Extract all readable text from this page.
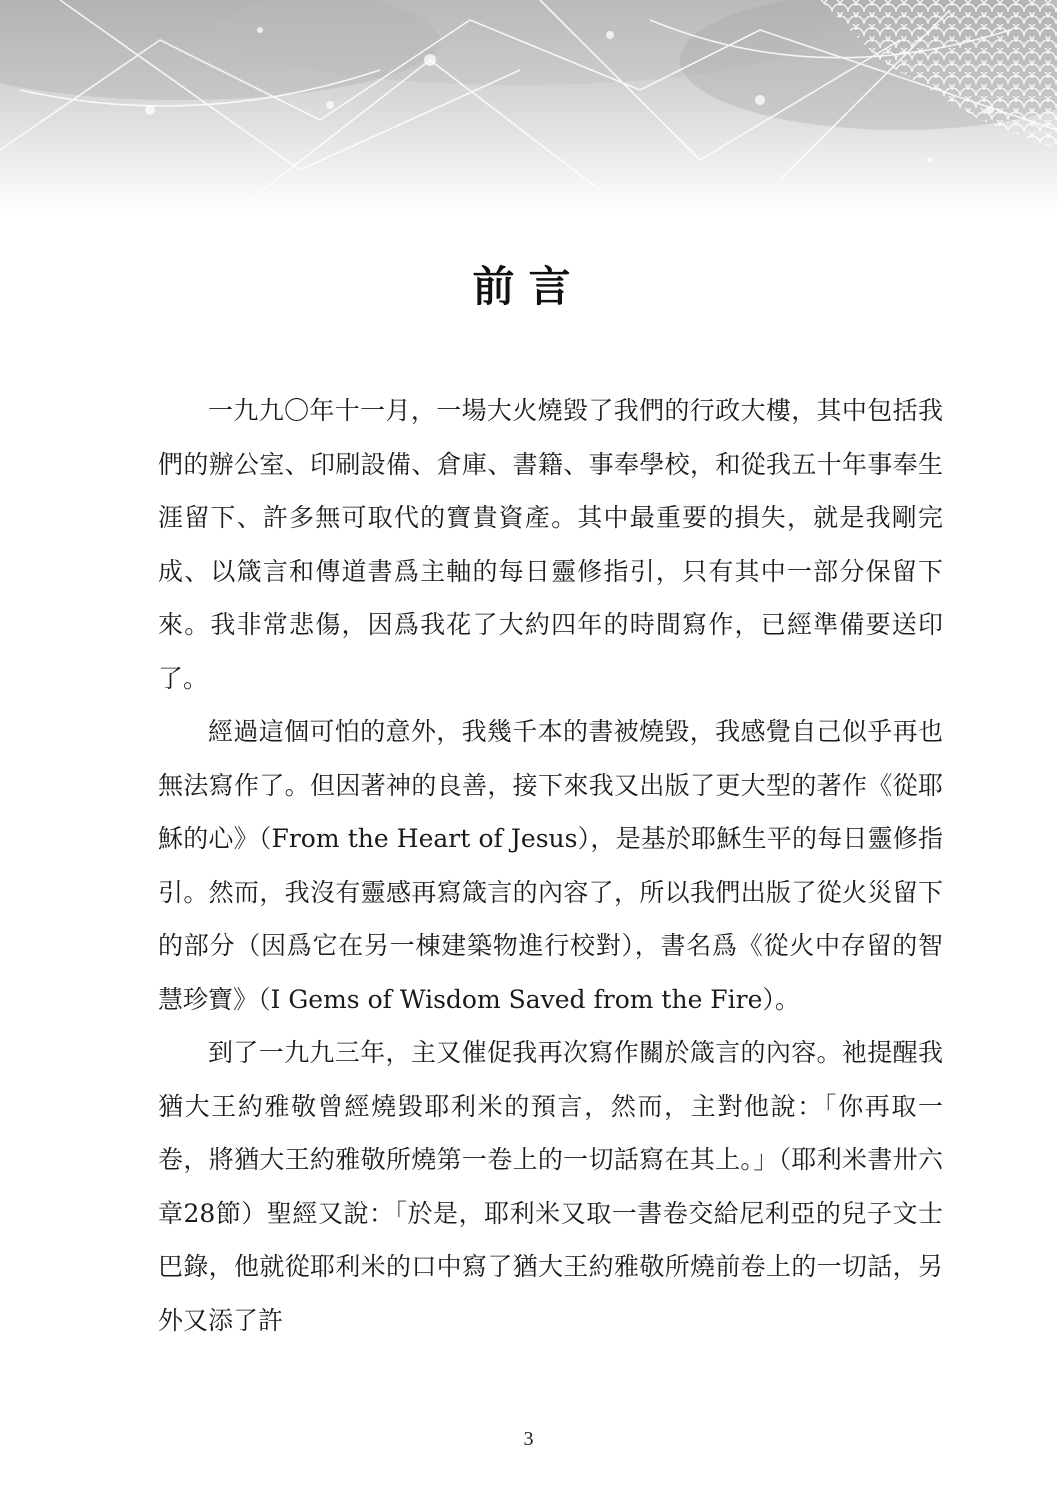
前言

一九九〇年十一月，一場大火燒毀了我們的行政大樓，其中包括我們的辦公室、印刷設備、倉庫、書籍、事奉學校，和從我五十年事奉生涯留下、許多無可取代的寶貴資產。其中最重要的損失，就是我剛完成、以箴言和傳道書爲主軸的每日靈修指引，只有其中一部分保留下來。我非常悲傷，因爲我花了大約四年的時間寫作，已經準備要送印了。

經過這個可怕的意外，我幾千本的書被燒毀，我感覺自己似乎再也無法寫作了。但因著神的良善，接下來我又出版了更大型的著作《從耶穌的心》（From the Heart of Jesus），是基於耶穌生平的每日靈修指引。然而，我沒有靈感再寫箴言的內容了，所以我們出版了從火災留下的部分（因爲它在另一棟建築物進行校對），書名爲《從火中存留的智慧珍寶》（I Gems of Wisdom Saved from the Fire）。

到了一九九三年，主又催促我再次寫作關於箴言的內容。祂提醒我猶大王約雅敬曾經燒毀耶利米的預言，然而，主對他說：「你再取一卷，將猶大王約雅敬所燒第一卷上的一切話寫在其上。」（耶利米書卅六章28節）聖經又說：「於是，耶利米又取一書卷交給尼利亞的兒子文士巴錄，他就從耶利米的口中寫了猶大王約雅敬所燒前卷上的一切話，另外又添了許

3
